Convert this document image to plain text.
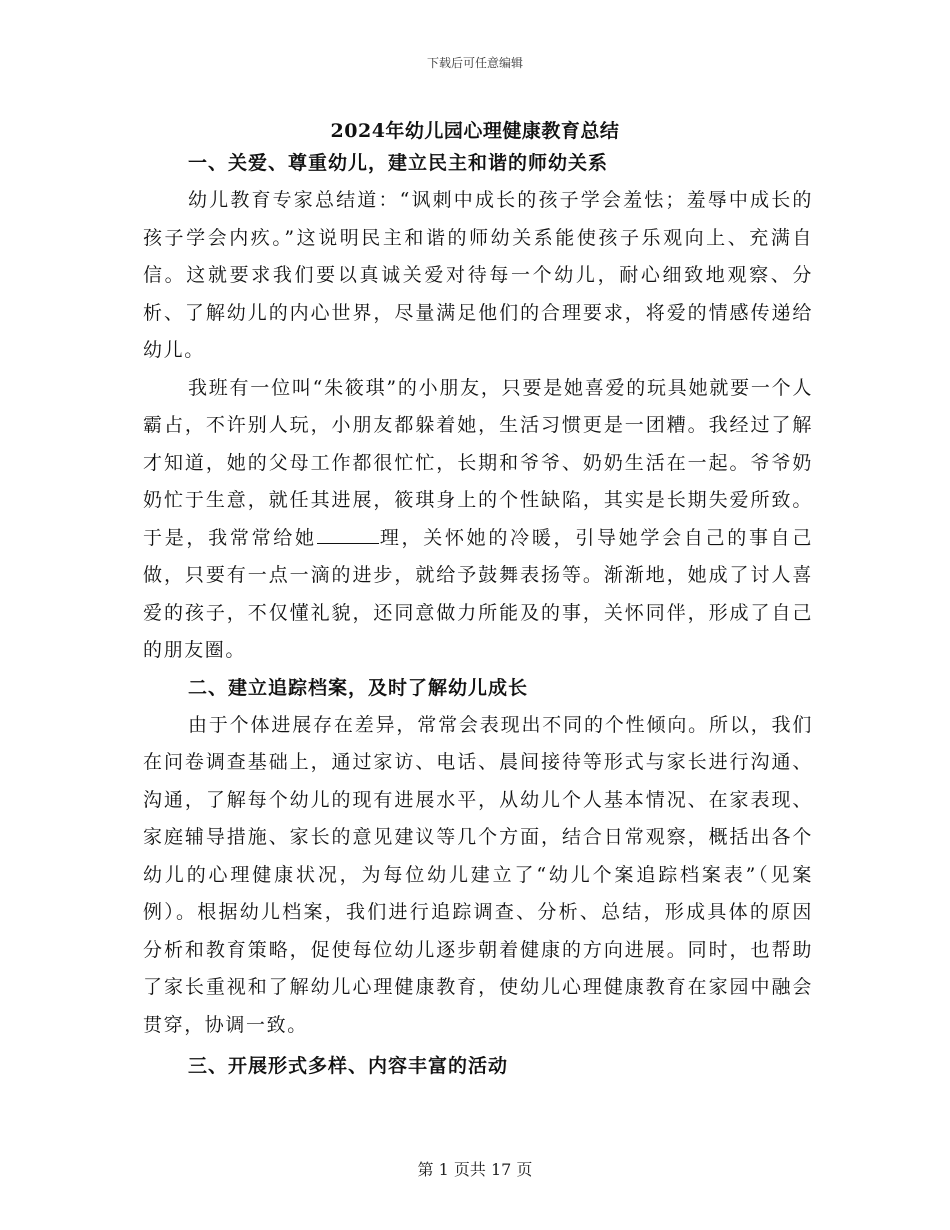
下载后可任意编辑
2024年幼儿园心理健康教育总结

一、关爱、尊重幼儿，建立民主和谐的师幼关系

幼儿教育专家总结道：“讽刺中成长的孩子学会羞怯；羞辱中成长的孩子学会内疚。”这说明民主和谐的师幼关系能使孩子乐观向上、充满自信。这就要求我们要以真诚关爱对待每一个幼儿，耐心细致地观察、分析、了解幼儿的内心世界，尽量满足他们的合理要求，将爱的情感传递给幼儿。

我班有一位叫“朱筱琪”的小朋友，只要是她喜爱的玩具她就要一个人霸占，不许别人玩，小朋友都躲着她，生活习惯更是一团糟。我经过了解才知道，她的父母工作都很忙忙，长期和爷爷、奶奶生活在一起。爷爷奶奶忙于生意，就任其进展，筱琪身上的个性缺陷，其实是长期失爱所致。于是，我常常给她	理，关怀她的冷暖，引导她学会自己的事自己做，只要有一点一滴的进步，就给予鼓舞表扬等。渐渐地，她成了讨人喜爱的孩子，不仅懂礼貌，还同意做力所能及的事，关怀同伴，形成了自己的朋友圈。

二、建立追踪档案，及时了解幼儿成长

由于个体进展存在差异，常常会表现出不同的个性倾向。所以，我们在问卷调查基础上，通过家访、电话、晨间接待等形式与家长进行沟通、沟通，了解每个幼儿的现有进展水平，从幼儿个人基本情况、在家表现、家庭辅导措施、家长的意见建议等几个方面，结合日常观察，概括出各个幼儿的心理健康状况，为每位幼儿建立了“幼儿个案追踪档案表”（见案例）。根据幼儿档案，我们进行追踪调查、分析、总结，形成具体的原因分析和教育策略，促使每位幼儿逐步朝着健康的方向进展。同时，也帮助了家长重视和了解幼儿心理健康教育，使幼儿心理健康教育在家园中融会贯穿，协调一致。

三、开展形式多样、内容丰富的活动

第 1 页共 17 页
